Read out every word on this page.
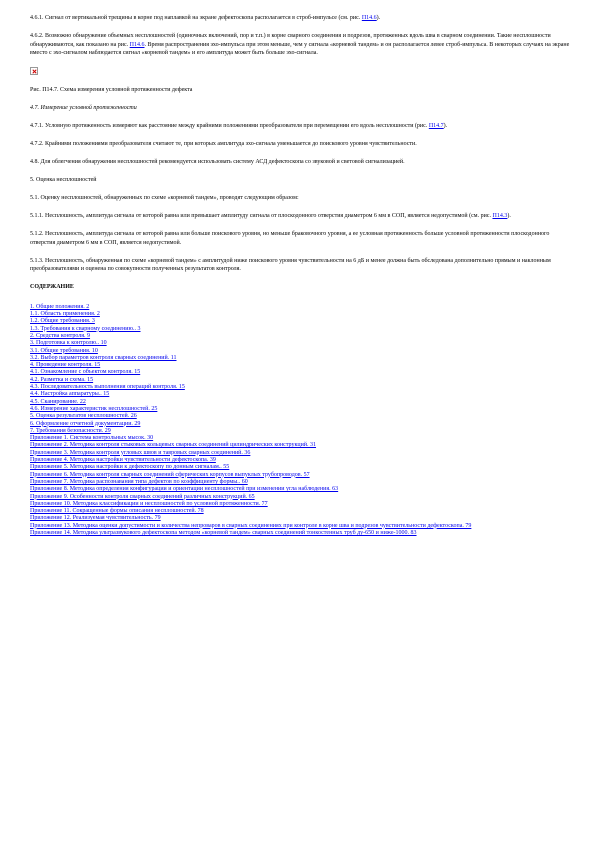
4.6.1. Сигнал от вертикальной трещины в корне под наплавкой на экране дефектоскопа располагается в строб-импульсе (см. рис. П14.6).

4.6.2. Возможно обнаружение объемных несплошностей (одиночных включений, пор и т.п.) в корне сварного соединения и подрезов, протяженных вдоль шва в сварном соединении. Такие несплошности обнаруживаются, как показано на рис. П14.6. Время распространения эхо-импульса при этом меньше, чем у сигнала «корневой тандем» и он располагается левее строб-импульса. В некоторых случаях на экране вместо с эхо-сигналом наблюдается сигнал «корневой тандем» и его амплитуда может быть больше эхо-сигнала.

Рис. П14.7. Схема измерения условной протяженности дефекта

4.7. Измерение условной протяженности

4.7.1. Условную протяженность измеряют как расстояние между крайними положениями преобразователя при перемещении его вдоль несплошности (рис. П14.7).

4.7.2. Крайними положениями преобразователя считают те, при которых амплитуда эхо-сигнала уменьшается до поискового уровня чувствительности.

4.8. Для облегчения обнаружения несплошностей рекомендуется использовать систему АСД дефектоскопа со звуковой и световой сигнализацией.

5. Оценка несплошностей

5.1. Оценку несплошностей, обнаруженных по схеме «корневой тандем», проводят следующим образом:

5.1.1. Несплошность, амплитуда сигнала от которой равна или превышает амплитуду сигнала от плоскодонного отверстия диаметром 6 мм в СОП, является недопустимой (см. рис. П14.3).

5.1.2. Несплошность, амплитуда сигнала от которой равна или больше поискового уровня, но меньше браковочного уровня, а ее условная протяженность больше условной протяженности плоскодонного отверстия диаметром 6 мм в СОП, является недопустимой.

5.1.3. Несплошность, обнаруженная по схеме «корневой тандем» с амплитудой ниже поискового уровня чувствительности на 6 дБ и менее должна быть обследована дополнительно прямым и наклонным преобразователями и оценена по совокупности полученных результатов контроля.

СОДЕРЖАНИЕ

1. Общие положения. 2
1.1. Область применения. 2
1.2. Общие требования. 3
1.3. Требования к сварному соединению.. 3
2. Средства контроля. 9
3. Подготовка к контролю.. 10
3.1. Общие требования. 10
3.2. Выбор параметров контроля сварных соединений. 11
4. Проведение контроля. 15
4.1. Ознакомление с объектом контроля. 15
4.2. Разметка и схема. 15
4.3. Последовательность выполнения операций контроля. 15
4.4. Настройка аппаратуры.. 15
4.5. Сканирование. 22
4.6. Измерение характеристик несплошностей. 25
5. Оценка результатов несплошностей. 26
6. Оформление отчетной документации. 29
7. Требования безопасности. 29
Приложение 1. Система контрольных мысок. 30
Приложение 2. Методика контроля стыковых кольцевых сварных соединений цилиндрических конструкций. 31
Приложение 3. Методика контроля угловых швов и тавровых сварных соединений. 36
Приложение 4. Методика настройки чувствительности дефектоскопа. 39
Приложение 5. Методика настройки к дефектоскопу по донным сигналам.. 55
Приложение 6. Методика контроля сварных соединений сферических корпусов выпуклых трубопроводов. 57
Приложение 7. Методика распознавания типа дефектов по коэффициенту формы.. 60
Приложение 8. Методика определения конфигурации и ориентации несплошностей при изменении угла наблюдения. 63
Приложение 9. Особенности контроля сварных соединений различных конструкций. 65
Приложение 10. Методика классификации и несплошностей по условной протяженности. 77
Приложение 11. Сокращенные формы описания несплошностей. 78
Приложение 12. Реализуемая чувствительность. 79
Приложение 13. Методика оценки допустимости и количества непроваров в сварных соединениях при контроле в корне шва и подрезов чувствительности дефектоскопа. 79
Приложение 14. Методика ультразвукового дефектоскопа методом «корневой тандем» сварных соединений тонкостенных труб ду-650 и ниже-1000. 83
